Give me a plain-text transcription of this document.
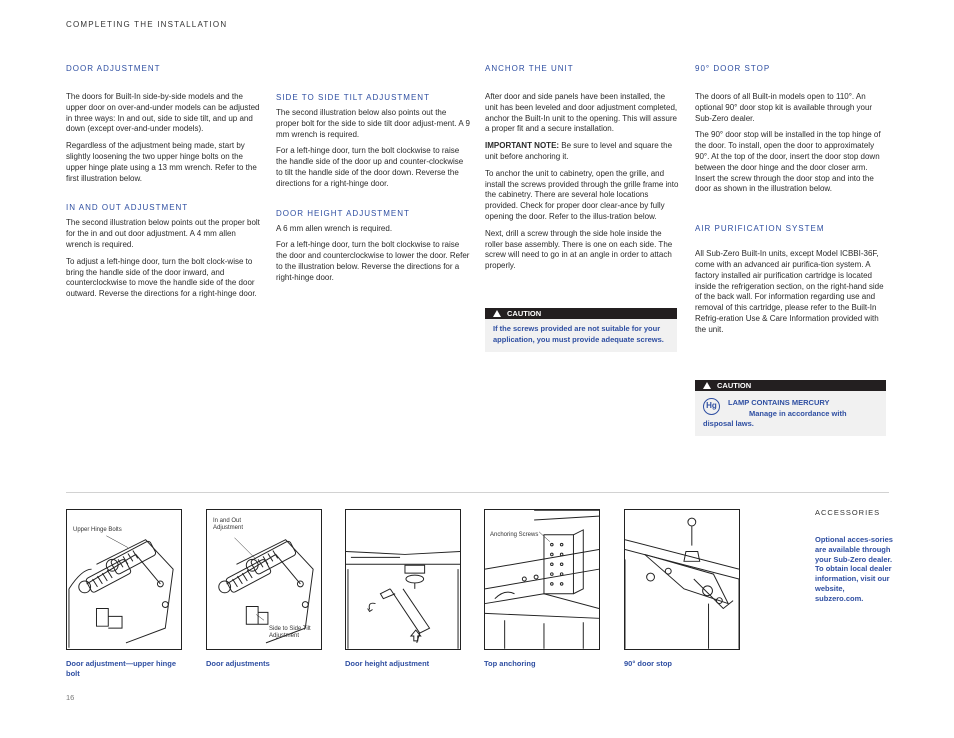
COMPLETING THE INSTALLATION
DOOR ADJUSTMENT
The doors for Built-In side-by-side models and the upper door on over-and-under models can be adjusted in three ways: In and out, side to side tilt, and up and down (except over-and-under models).
Regardless of the adjustment being made, start by slightly loosening the two upper hinge bolts on the upper hinge plate using a 13 mm wrench. Refer to the first illustration below.
IN AND OUT ADJUSTMENT
The second illustration below points out the proper bolt for the in and out door adjustment. A 4 mm allen wrench is required.
To adjust a left-hinge door, turn the bolt clock-wise to bring the handle side of the door inward, and counterclockwise to move the handle side of the door outward. Reverse the directions for a right-hinge door.
SIDE TO SIDE TILT ADJUSTMENT
The second illustration below also points out the proper bolt for the side to side tilt door adjust-ment. A 9 mm wrench is required.
For a left-hinge door, turn the bolt clockwise to raise the handle side of the door up and counter-clockwise to tilt the handle side of the door down. Reverse the directions for a right-hinge door.
DOOR HEIGHT ADJUSTMENT
A 6 mm allen wrench is required.
For a left-hinge door, turn the bolt clockwise to raise the door and counterclockwise to lower the door. Refer to the illustration below. Reverse the directions for a right-hinge door.
ANCHOR THE UNIT
After door and side panels have been installed, the unit has been leveled and door adjustment completed, anchor the Built-In unit to the opening. This will assure a proper fit and a secure installation.
IMPORTANT NOTE: Be sure to level and square the unit before anchoring it.
To anchor the unit to cabinetry, open the grille, and install the screws provided through the grille frame into the cabinetry. There are several hole locations provided. Check for proper door clear-ance by fully opening the door. Refer to the illus-tration below.
Next, drill a screw through the side hole inside the roller base assembly. There is one on each side. The screw will need to go in at an angle in order to attach properly.
CAUTION
If the screws provided are not suitable for your application, you must provide adequate screws.
90° DOOR STOP
The doors of all Built-in models open to 110°. An optional 90° door stop kit is available through your Sub-Zero dealer.
The 90° door stop will be installed in the top hinge of the door. To install, open the door to approximately 90°. At the top of the door, insert the door stop down between the door hinge and the door closer arm. Insert the screw through the door stop and into the door as shown in the illustration below.
AIR PURIFICATION SYSTEM
All Sub-Zero Built-In units, except Model ICBBI-36F, come with an advanced air purifica-tion system. A factory installed air purification cartridge is located inside the refrigeration section, on the right-hand side of the back wall. For information regarding use and removal of this cartridge, please refer to the Built-In Refrig-eration Use & Care Information provided with the unit.
CAUTION
Hg	LAMP CONTAINS MERCURY
Manage in accordance with disposal laws.
Upper Hinge Bolts
Door adjustment—upper hinge bolt
In and Out Adjustment
Side to Side Tilt Adjustment
Door adjustments	Door height adjustment
Anchoring Screws
Top anchoring	90° door stop
ACCESSORIES
Optional acces-sories are available through your Sub-Zero dealer. To obtain local dealer information, visit our website, subzero.com.
16
